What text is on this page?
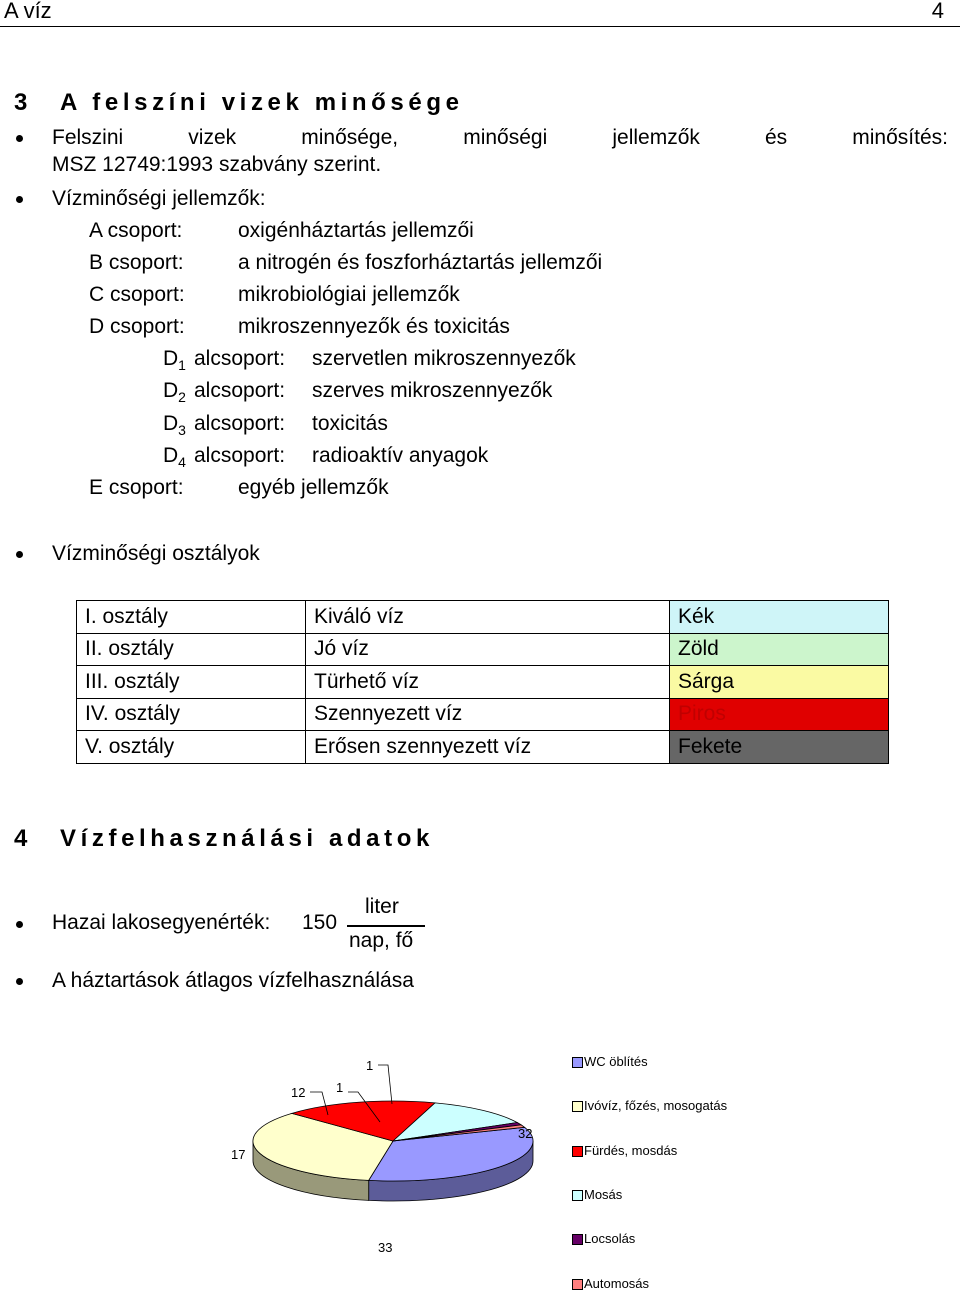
A víz	4
3 A felszíni vizek minősége
Felszini	vizek	minősége,	minőségi	jellemzők	és	minősítés:
MSZ 12749:1993 szabvány szerint.
Vízminőségi jellemzők:
A csoport:	oxigénháztartás jellemzői
B csoport:	a nitrogén és foszforháztartás jellemzői
C csoport:	mikrobiológiai jellemzők
D csoport:	mikroszennyezők és toxicitás
$D_1$ alcsoport: szervetlen mikroszennyezők
$D_2$ alcsoport: szerves mikroszennyezők
$D_3$ alcsoport: toxicitás
$D_4$ alcsoport: radioaktív anyagok
E csoport:	egyéb jellemzők
Vízminőségi osztályok
I. osztály	Kiváló víz	Kék
II. osztály	Jó víz	Zöld
III. osztály	Türhető víz	Sárga
IV. osztály	Szennyezett víz	Piros
V. osztály	Erősen szennyezett víz	Fekete
4 Vízfelhasználási adatok
Hazai lakosegyenérték: 150
liter
nap, fő
A háztartások átlagos vízfelhasználása
32
33
17
12 1
1	WC öblítés
Ivóvíz, főzés, mosogatás
Fürdés, mosdás
Mosás
Locsolás
Automosás
